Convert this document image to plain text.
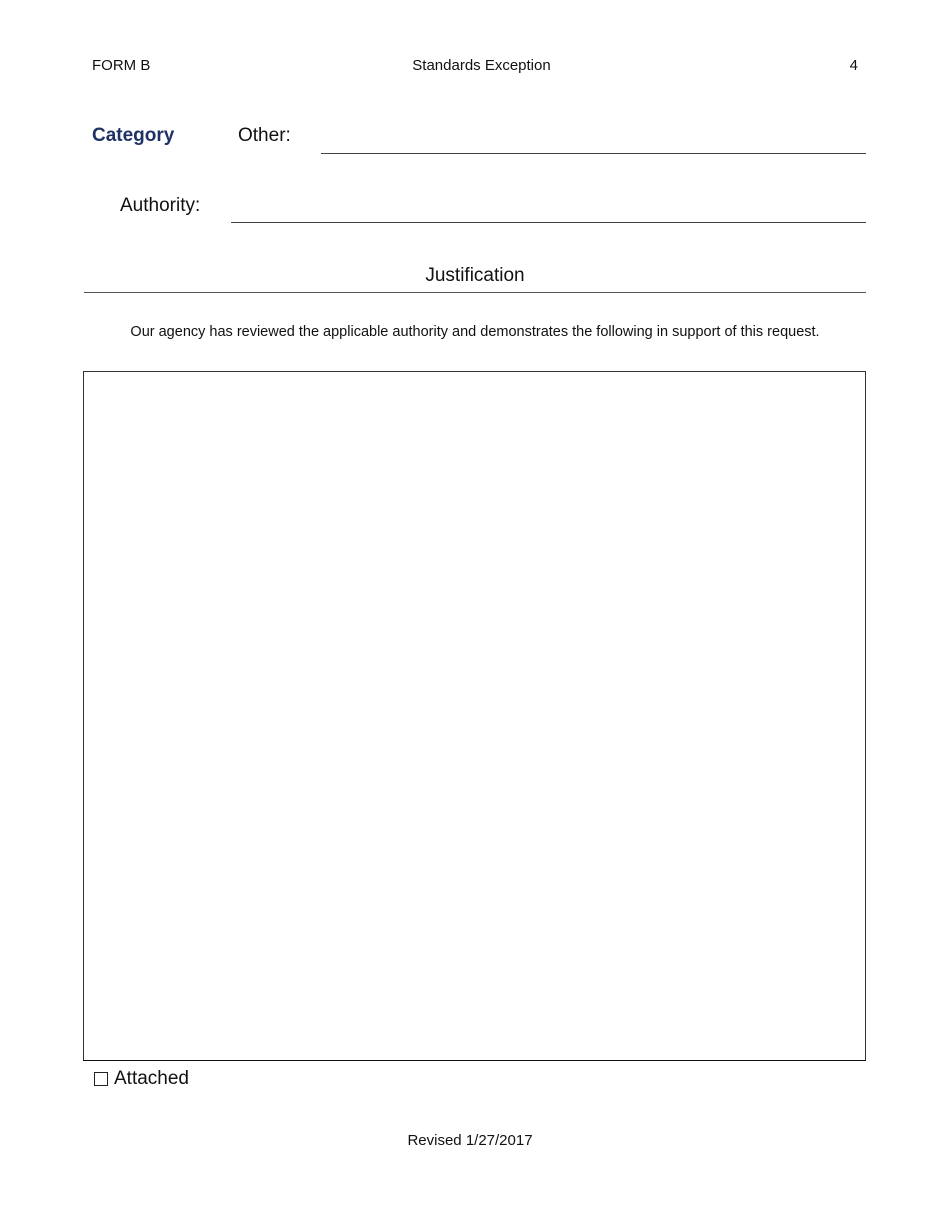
FORM B	Standards Exception	4
Category	Other:
Authority:
Justification
Our agency has reviewed the applicable authority and demonstrates the following in support of this request.
Attached
Revised 1/27/2017
